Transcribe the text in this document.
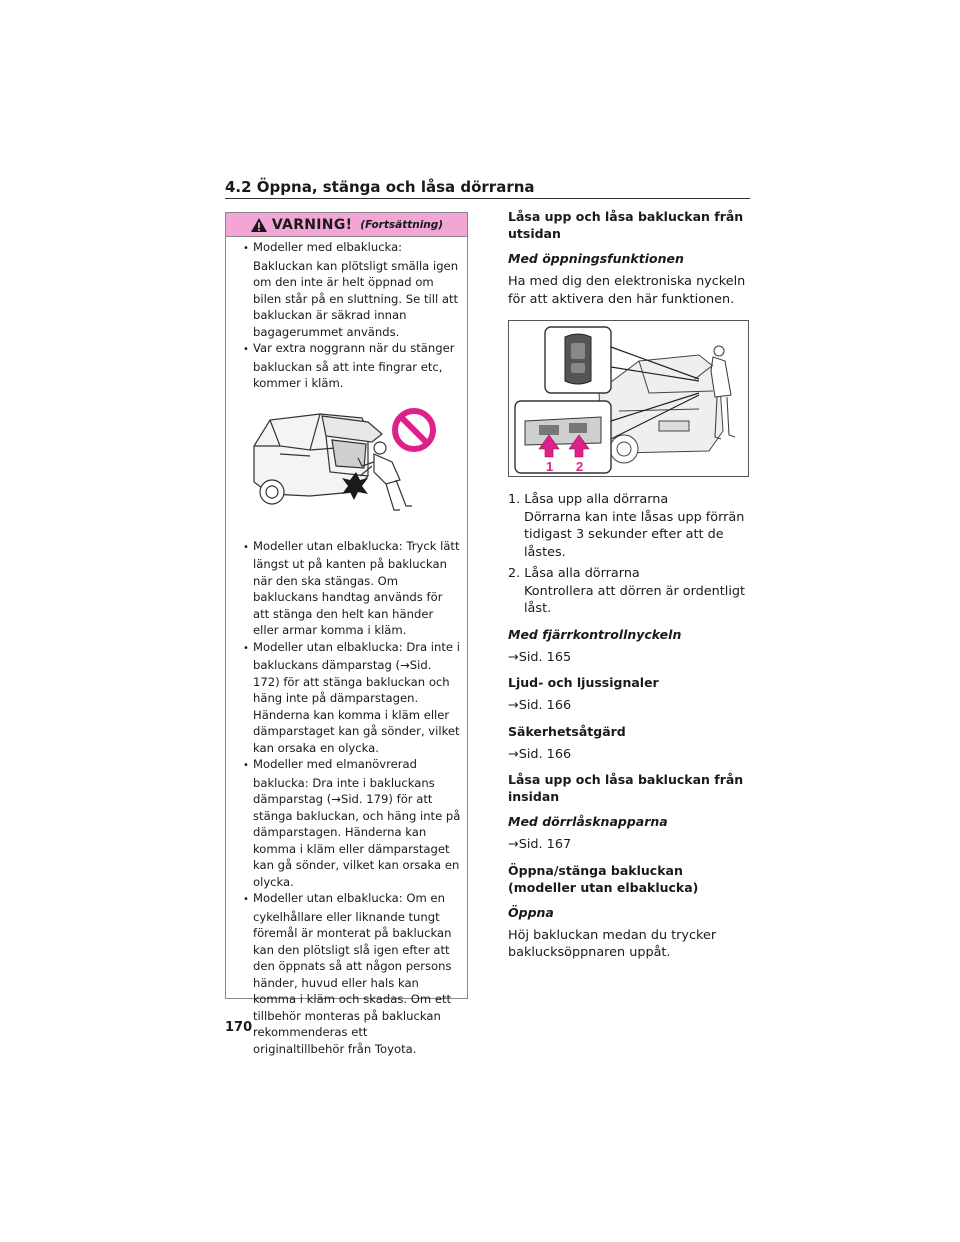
4.2 Öppna, stänga och låsa dörrarna
VARNING! (Fortsättning)
• Modeller med elbaklucka: Bakluckan kan plötsligt smälla igen om den inte är helt öppnad om bilen står på en sluttning. Se till att bakluckan är säkrad innan bagagerummet används.
• Var extra noggrann när du stänger bakluckan så att inte fingrar etc, kommer i kläm.
• Modeller utan elbaklucka: Tryck lätt längst ut på kanten på bakluckan när den ska stängas. Om bakluckans handtag används för att stänga den helt kan händer eller armar komma i kläm.
• Modeller utan elbaklucka: Dra inte i bakluckans dämparstag (→Sid. 172) för att stänga bakluckan och häng inte på dämparstagen. Händerna kan komma i kläm eller dämparstaget kan gå sönder, vilket kan orsaka en olycka.
• Modeller med elmanövrerad baklucka: Dra inte i bakluckans dämparstag (→Sid. 179) för att stänga bakluckan, och häng inte på dämparstagen. Händerna kan komma i kläm eller dämparstaget kan gå sönder, vilket kan orsaka en olycka.
• Modeller utan elbaklucka: Om en cykelhållare eller liknande tungt föremål är monterat på bakluckan kan den plötsligt slå igen efter att den öppnats så att någon persons händer, huvud eller hals kan komma i kläm och skadas. Om ett tillbehör monteras på bakluckan rekommenderas ett originaltillbehör från Toyota.
Låsa upp och låsa bakluckan från utsidan
Med öppningsfunktionen
Ha med dig den elektroniska nyckeln för att aktivera den här funktionen.
1 2
1. Låsa upp alla dörrarna
Dörrarna kan inte låsas upp förrän tidigast 3 sekunder efter att de låstes.
2. Låsa alla dörrarna
Kontrollera att dörren är ordentligt låst.
Med fjärrkontrollnyckeln
→Sid. 165
Ljud- och ljussignaler
→Sid. 166
Säkerhetsåtgärd
→Sid. 166
Låsa upp och låsa bakluckan från insidan
Med dörrlåsknapparna
→Sid. 167
Öppna/stänga bakluckan (modeller utan elbaklucka)
Öppna
Höj bakluckan medan du trycker baklucksöppnaren uppåt.
170
